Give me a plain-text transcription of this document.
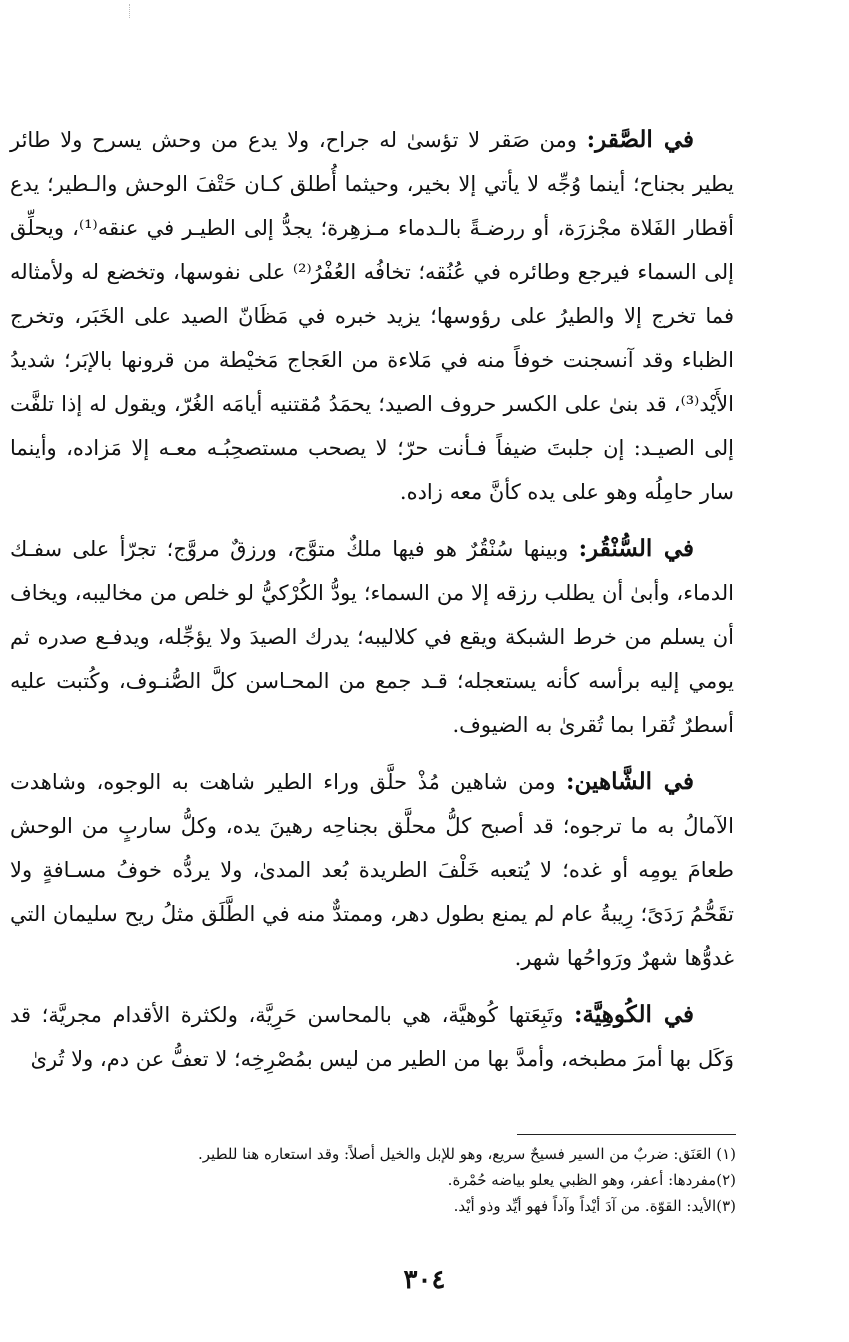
في الصَّقر: ومن صَقر لا تؤسىٰ له جراح، ولا يدع من وحش يسرح ولا طائر يطير بجناح؛ أينما وُجِّه لا يأتي إلا بخير، وحيثما أُطلق كـان حَتْفَ الوحش والـطير؛ يدع أقطار الفَلاة مجْزرَة، أو ررضـةً بالـدماء مـزهِرة؛ يجدُّ إلى الطيـر في عنقه⁽¹⁾، ويحلِّق إلى السماء فيرجع وطائره في عُنُقه؛ تخافُه العُفْرُ⁽²⁾ على نفوسها، وتخضع له ولأمثاله فما تخرج إلا والطيرُ على رؤوسها؛ يزيد خبره في مَظَانّ الصيد على الخَبَر، وتخرج الظباء وقد آنسجنت خوفاً منه في مَلاءة من العَجاج مَخيْطة من قرونها بالإبَر؛ شديدُ الأَيْد⁽³⁾، قد بنىٰ على الكسر حروف الصيد؛ يحمَدُ مُقتنيه أيامَه الغُرّ، ويقول له إذا تلفَّت إلى الصيـد: إن جلبتَ ضيفاً فـأنت حرّ؛ لا يصحب مستصحِبُـه معـه إلا مَزاده، وأينما سار حامِلُه وهو على يده كأنَّ معه زاده.

في السُّنْقُر: وبينها سُنْقُرٌ هو فيها ملكٌ متوَّج، ورزقٌ مروَّج؛ تجرّأ على سفـك الدماء، وأبىٰ أن يطلب رزقه إلا من السماء؛ يودُّ الكُرْكيُّ لو خلص من مخاليبه، ويخاف أن يسلم من خرط الشبكة ويقع في كلاليبه؛ يدرك الصيدَ ولا يؤجِّله، ويدفـع صدره ثم يومي إليه برأسه كأنه يستعجله؛ قـد جمع من المحـاسن كلَّ الصُّنـوف، وكُتبت عليه أسطرٌ تُقرا بما تُقرىٰ به الضيوف.

في الشَّاهين: ومن شاهين مُذْ حلَّق وراء الطير شاهت به الوجوه، وشاهدت الآمالُ به ما ترجوه؛ قد أصبح كلُّ محلَّق بجناحِه رهينَ يده، وكلُّ ساربٍ من الوحش طعامَ يومِه أو غده؛ لا يُتعبه خَلْفَ الطريدة بُعد المدىٰ، ولا يردُّه خوفُ مسـافةٍ ولا تقَحُّمُ رَدَىً؛ رِيبةُ عام لم يمنع بطول دهر، وممتدٌّ منه في الطَّلَق مثلُ ريح سليمان التي غدوُّها شهرٌ ورَواحُها شهر.

في الكُوهِيَّة: وتَبِعَتها كُوهيَّة، هي بالمحاسن حَرِيَّة، ولكثرة الأقدام مجريَّة؛ قد وَكَل بها أمرَ مطبخه، وأمدَّ بها من الطير من ليس بمُصْرِخِه؛ لا تعفُّ عن دم، ولا تُرىٰ

(١) العَنَق: ضربٌ من السير فسيحٌ سريع، وهو للإبل والخيل أصلاً: وقد استعاره هنا للطير.

(٢)مفردها: أعفر، وهو الظبي يعلو بياضه حُمْرة.

(٣)الأيد: القوّة. من آدَ أيْداً وآداً فهو أيِّد وذو أيْد.

٣٠٤
